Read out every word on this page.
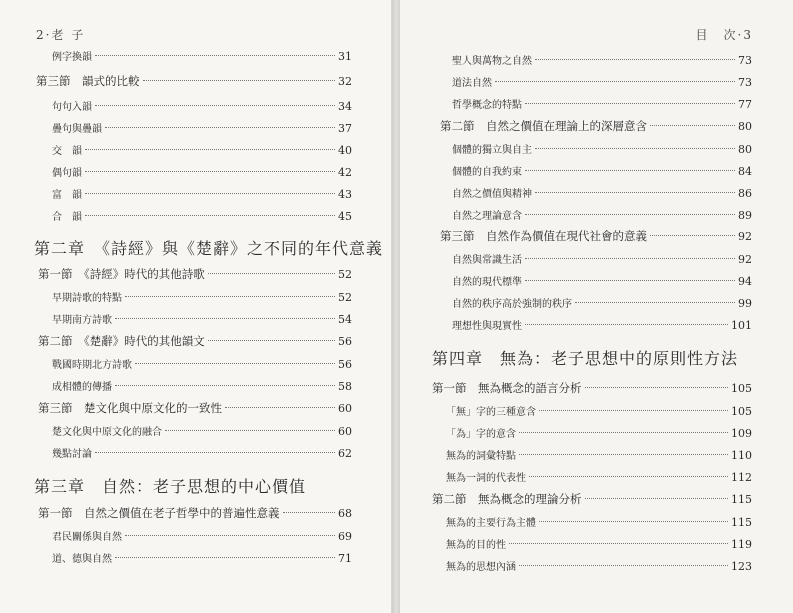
2·老 子
例字換韻	31
第三節　韻式的比較	32
句句入韻	34
疊句與疊韻	37
交　韻	40
偶句韻	42
富　韻	43
合　韻	45
第二章　《詩經》與《楚辭》之不同的年代意義
第一節　《詩經》時代的其他詩歌	52
早期詩歌的特點	52
早期南方詩歌	54
第二節　《楚辭》時代的其他韻文	56
戰國時期北方詩歌	56
成相體的傳播	58
第三節　楚文化與中原文化的一致性	60
楚文化與中原文化的融合	60
幾點討論	62
第三章　自然：老子思想的中心價值
第一節　自然之價值在老子哲學中的普遍性意義	68
君民關係與自然	69
道、德與自然	71
目　次·3
聖人與萬物之自然	73
道法自然	73
哲學概念的特點	77
第二節　自然之價值在理論上的深層意含	80
個體的獨立與自主	80
個體的自我約束	84
自然之價值與精神	86
自然之理論意含	89
第三節　自然作為價值在現代社會的意義	92
自然與常識生活	92
自然的現代標準	94
自然的秩序高於強制的秩序	99
理想性與現實性	101
第四章　無為：老子思想中的原則性方法
第一節　無為概念的語言分析	105
「無」字的三種意含	105
「為」字的意含	109
無為的詞彙特點	110
無為一詞的代表性	112
第二節　無為概念的理論分析	115
無為的主要行為主體	115
無為的目的性	119
無為的思想內涵	123
